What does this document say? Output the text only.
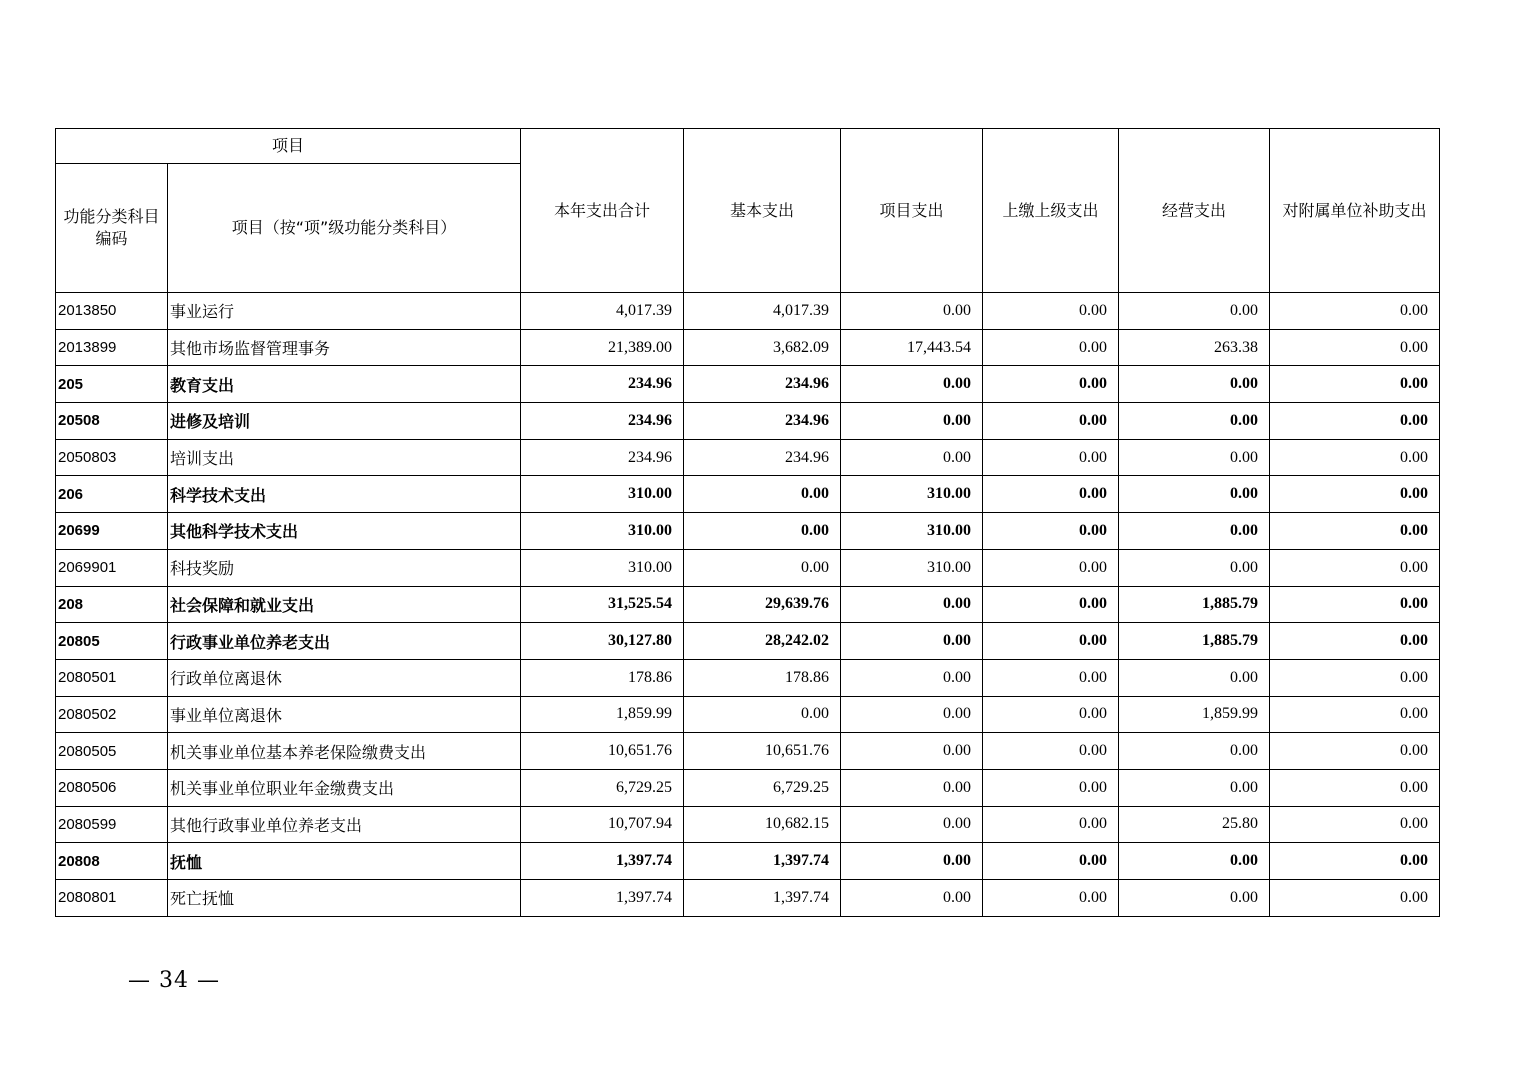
项目		本年支出合计	基本支出	项目支出	上缴上级支出	经营支出	对附属单位补助支出
功能分类科目编码	项目（按“项”级功能分类科目）						
2013850	事业运行	4,017.39	4,017.39	0.00	0.00	0.00	0.00
2013899	其他市场监督管理事务	21,389.00	3,682.09	17,443.54	0.00	263.38	0.00
205	教育支出	234.96	234.96	0.00	0.00	0.00	0.00
20508	进修及培训	234.96	234.96	0.00	0.00	0.00	0.00
2050803	培训支出	234.96	234.96	0.00	0.00	0.00	0.00
206	科学技术支出	310.00	0.00	310.00	0.00	0.00	0.00
20699	其他科学技术支出	310.00	0.00	310.00	0.00	0.00	0.00
2069901	科技奖励	310.00	0.00	310.00	0.00	0.00	0.00
208	社会保障和就业支出	31,525.54	29,639.76	0.00	0.00	1,885.79	0.00
20805	行政事业单位养老支出	30,127.80	28,242.02	0.00	0.00	1,885.79	0.00
2080501	行政单位离退休	178.86	178.86	0.00	0.00	0.00	0.00
2080502	事业单位离退休	1,859.99	0.00	0.00	0.00	1,859.99	0.00
2080505	机关事业单位基本养老保险缴费支出	10,651.76	10,651.76	0.00	0.00	0.00	0.00
2080506	机关事业单位职业年金缴费支出	6,729.25	6,729.25	0.00	0.00	0.00	0.00
2080599	其他行政事业单位养老支出	10,707.94	10,682.15	0.00	0.00	25.80	0.00
20808	抚恤	1,397.74	1,397.74	0.00	0.00	0.00	0.00
2080801	死亡抚恤	1,397.74	1,397.74	0.00	0.00	0.00	0.00
— 34 —
